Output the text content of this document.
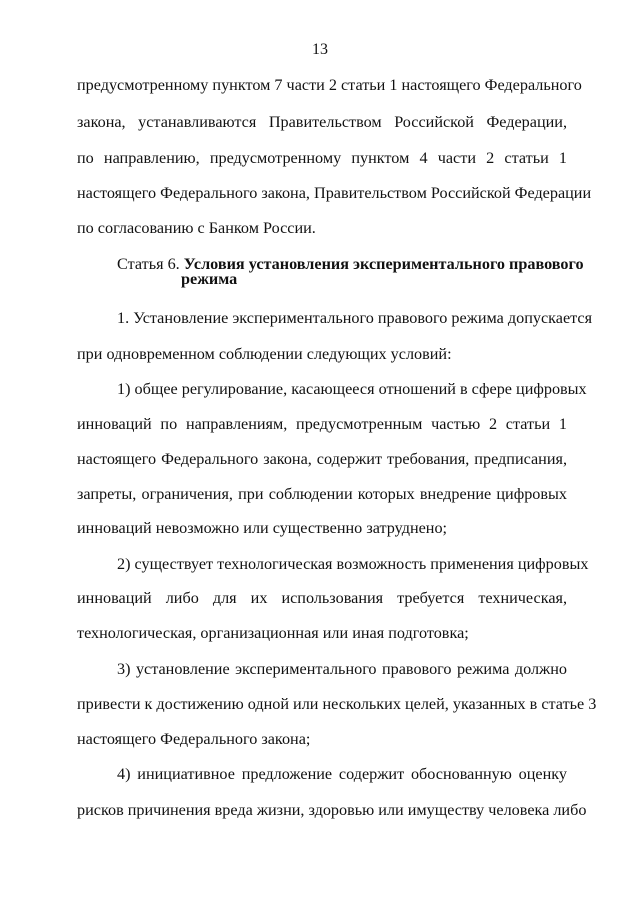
13
предусмотренному пунктом 7 части 2 статьи 1 настоящего Федерального
закона, устанавливаются Правительством Российской Федерации,
по направлению, предусмотренному пунктом 4 части 2 статьи 1
настоящего Федерального закона, Правительством Российской Федерации
по согласованию с Банком России.
Статья 6. Условия установления экспериментального правового
режима
1. Установление экспериментального правового режима допускается
при одновременном соблюдении следующих условий:
1) общее регулирование, касающееся отношений в сфере цифровых
инноваций по направлениям, предусмотренным частью 2 статьи 1
настоящего Федерального закона, содержит требования, предписания,
запреты, ограничения, при соблюдении которых внедрение цифровых
инноваций невозможно или существенно затруднено;
2) существует технологическая возможность применения цифровых
инноваций либо для их использования требуется техническая,
технологическая, организационная или иная подготовка;
3) установление экспериментального правового режима должно
привести к достижению одной или нескольких целей, указанных в статье 3
настоящего Федерального закона;
4) инициативное предложение содержит обоснованную оценку
рисков причинения вреда жизни, здоровью или имуществу человека либо
